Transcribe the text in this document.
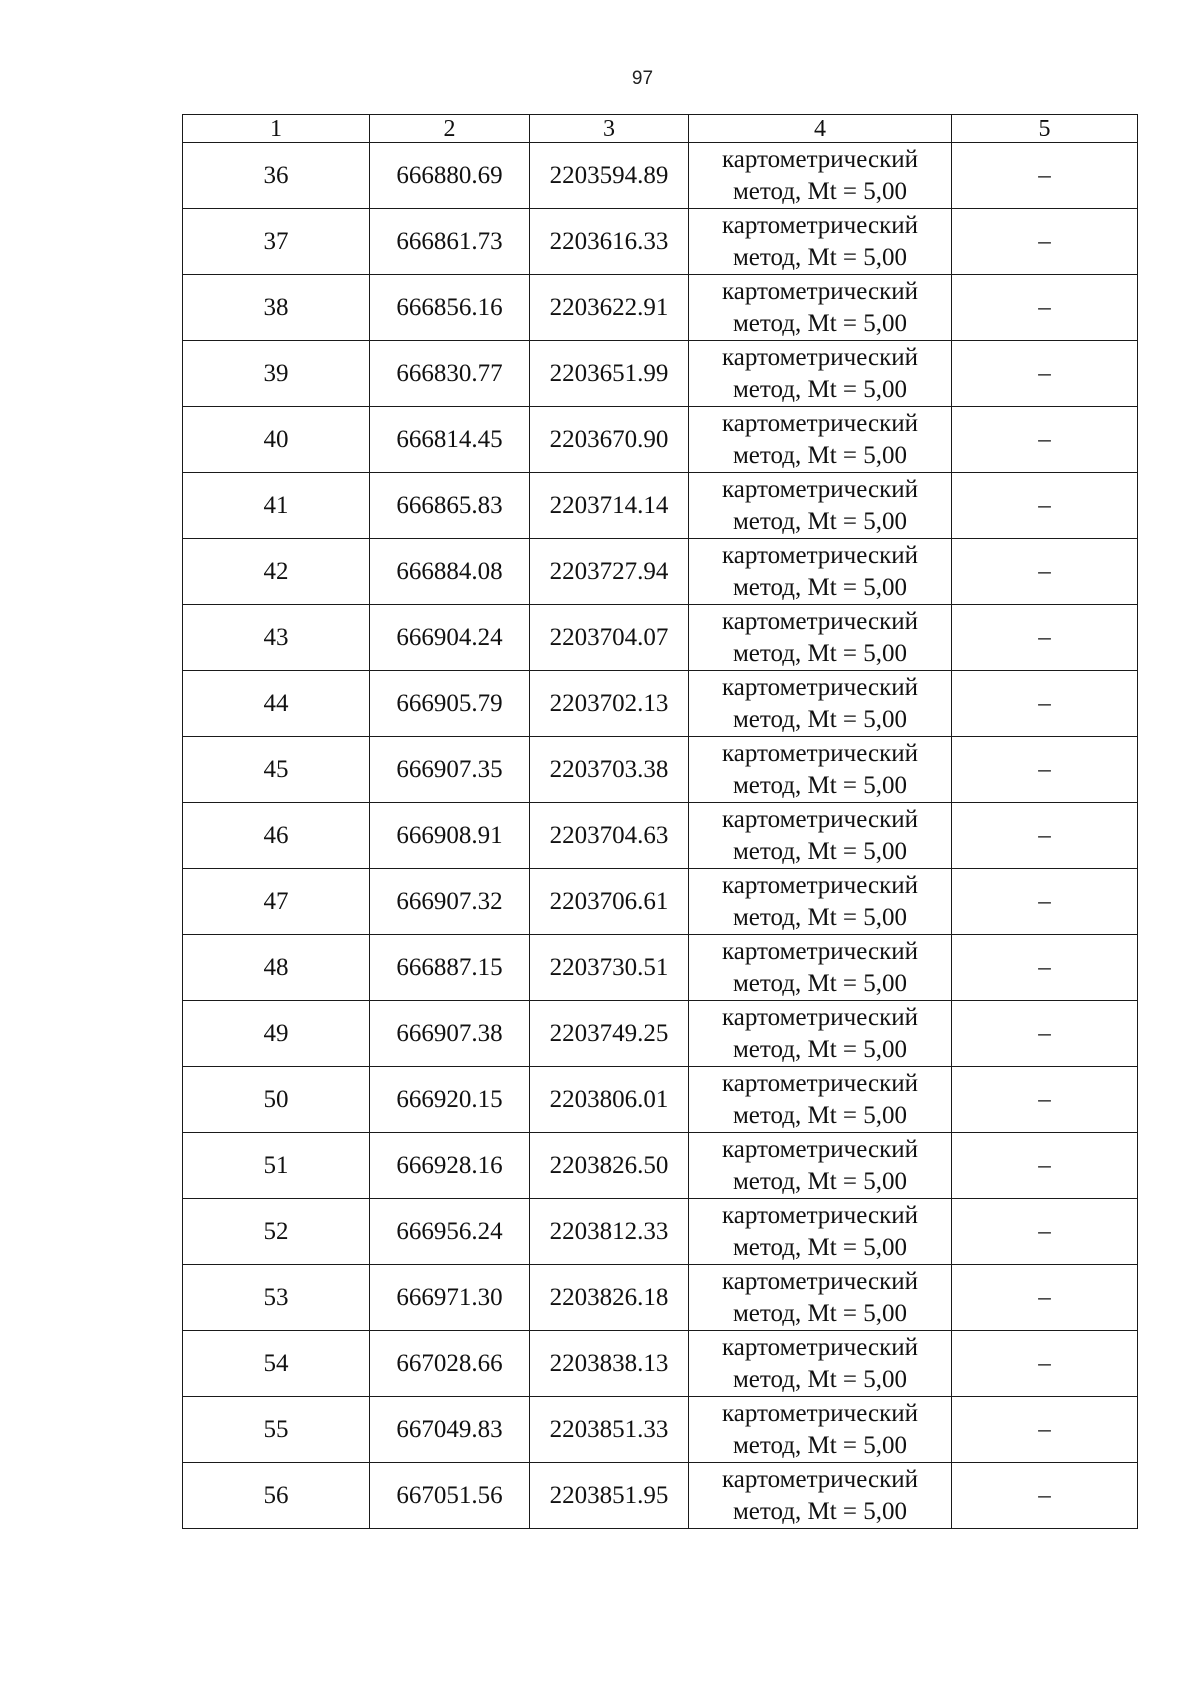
97
1	2	3	4	5
36	666880.69	2203594.89	картометрический
метод, Mt = 5,00	–
37	666861.73	2203616.33	картометрический
метод, Mt = 5,00	–
38	666856.16	2203622.91	картометрический
метод, Mt = 5,00	–
39	666830.77	2203651.99	картометрический
метод, Mt = 5,00	–
40	666814.45	2203670.90	картометрический
метод, Mt = 5,00	–
41	666865.83	2203714.14	картометрический
метод, Mt = 5,00	–
42	666884.08	2203727.94	картометрический
метод, Mt = 5,00	–
43	666904.24	2203704.07	картометрический
метод, Mt = 5,00	–
44	666905.79	2203702.13	картометрический
метод, Mt = 5,00	–
45	666907.35	2203703.38	картометрический
метод, Mt = 5,00	–
46	666908.91	2203704.63	картометрический
метод, Mt = 5,00	–
47	666907.32	2203706.61	картометрический
метод, Mt = 5,00	–
48	666887.15	2203730.51	картометрический
метод, Mt = 5,00	–
49	666907.38	2203749.25	картометрический
метод, Mt = 5,00	–
50	666920.15	2203806.01	картометрический
метод, Mt = 5,00	–
51	666928.16	2203826.50	картометрический
метод, Mt = 5,00	–
52	666956.24	2203812.33	картометрический
метод, Mt = 5,00	–
53	666971.30	2203826.18	картометрический
метод, Mt = 5,00	–
54	667028.66	2203838.13	картометрический
метод, Mt = 5,00	–
55	667049.83	2203851.33	картометрический
метод, Mt = 5,00	–
56	667051.56	2203851.95	картометрический
метод, Mt = 5,00	–
